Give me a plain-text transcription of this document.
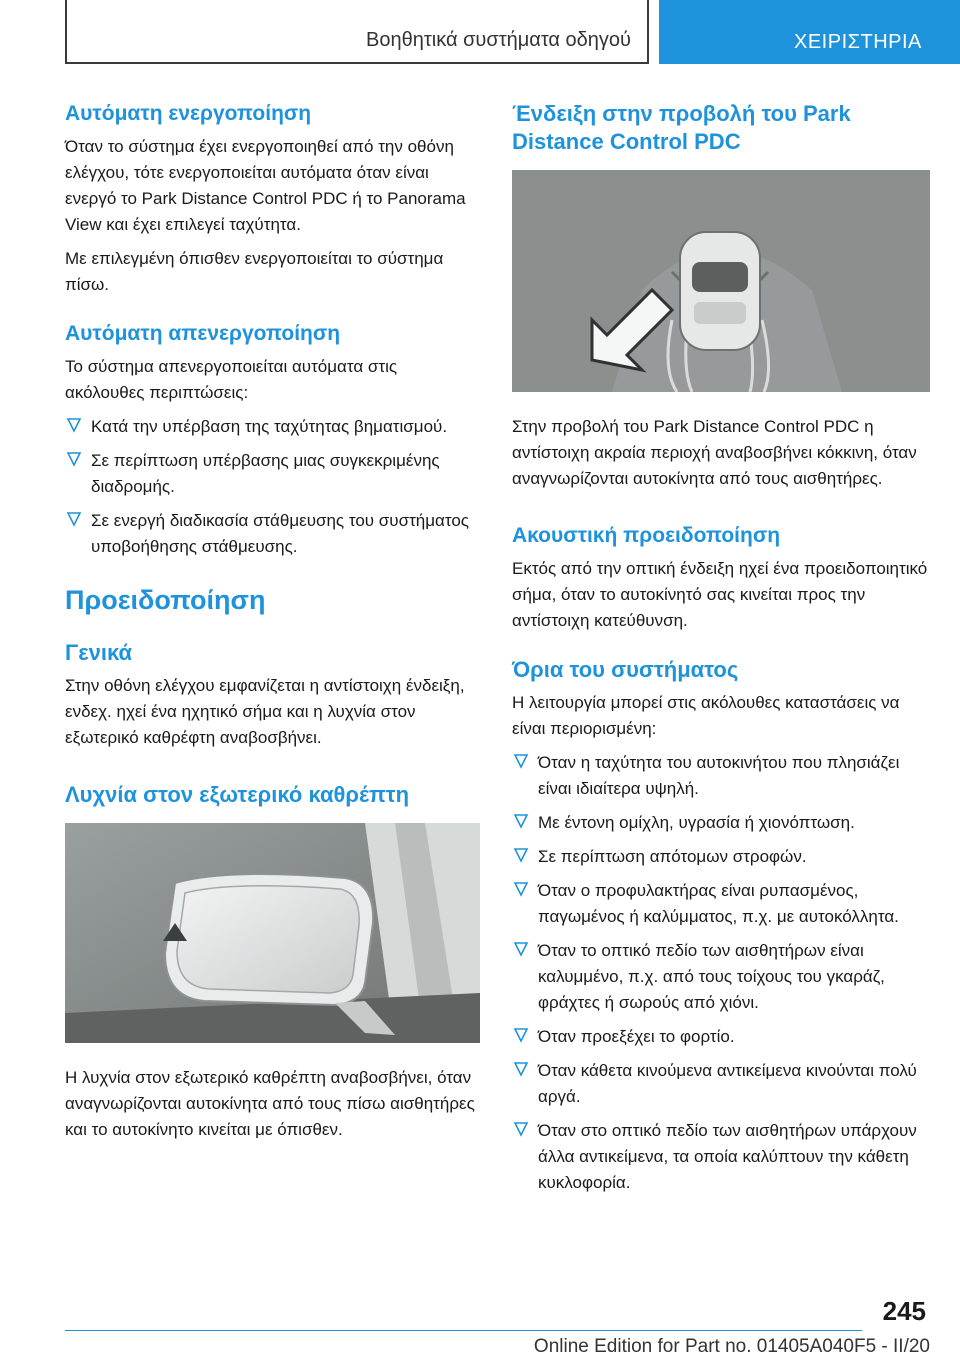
Βοηθητικά συστήματα οδηγού	ΧΕΙΡΙΣΤΗΡΙΑ
Αυτόματη ενεργοποίηση

Όταν το σύστημα έχει ενεργοποιηθεί από την οθόνη ελέγχου, τότε ενεργοποιείται αυτόματα όταν είναι ενεργό το Park Distance Control PDC ή το Panorama View και έχει επιλεγεί ταχύτητα.

Με επιλεγμένη όπισθεν ενεργοποιείται το σύστημα πίσω.

Αυτόματη απενεργοποίηση

Το σύστημα απενεργοποιείται αυτόματα στις ακόλουθες περιπτώσεις:

Κατά την υπέρβαση της ταχύτητας βηματισμού.
Σε περίπτωση υπέρβασης μιας συγκεκριμένης διαδρομής.
Σε ενεργή διαδικασία στάθμευσης του συστήματος υποβοήθησης στάθμευσης.
Προειδοποίηση
Γενικά

Στην οθόνη ελέγχου εμφανίζεται η αντίστοιχη ένδειξη, ενδεχ. ηχεί ένα ηχητικό σήμα και η λυχνία στον εξωτερικό καθρέφτη αναβοσβήνει.

Λυχνία στον εξωτερικό καθρέπτη

Η λυχνία στον εξωτερικό καθρέπτη αναβοσβήνει, όταν αναγνωρίζονται αυτοκίνητα από τους πίσω αισθητήρες και το αυτοκίνητο κινείται με όπισθεν.

Ένδειξη στην προβολή του Park Distance Control PDC

Στην προβολή του Park Distance Control PDC η αντίστοιχη ακραία περιοχή αναβοσβήνει κόκκινη, όταν αναγνωρίζονται αυτοκίνητα από τους αισθητήρες.

Ακουστική προειδοποίηση

Εκτός από την οπτική ένδειξη ηχεί ένα προειδοποιητικό σήμα, όταν το αυτοκίνητό σας κινείται προς την αντίστοιχη κατεύθυνση.

Όρια του συστήματος

Η λειτουργία μπορεί στις ακόλουθες καταστάσεις να είναι περιορισμένη:

Όταν η ταχύτητα του αυτοκινήτου που πλησιάζει είναι ιδιαίτερα υψηλή.
Με έντονη ομίχλη, υγρασία ή χιονόπτωση.
Σε περίπτωση απότομων στροφών.
Όταν ο προφυλακτήρας είναι ρυπασμένος, παγωμένος ή καλύμματος, π.χ. με αυτοκόλλητα.
Όταν το οπτικό πεδίο των αισθητήρων είναι καλυμμένο, π.χ. από τους τοίχους του γκαράζ, φράχτες ή σωρούς από χιόνι.
Όταν προεξέχει το φορτίο.
Όταν κάθετα κινούμενα αντικείμενα κινούνται πολύ αργά.
Όταν στο οπτικό πεδίο των αισθητήρων υπάρχουν άλλα αντικείμενα, τα οποία καλύπτουν την κάθετη κυκλοφορία.
245
Online Edition for Part no. 01405A040F5 - II/20
